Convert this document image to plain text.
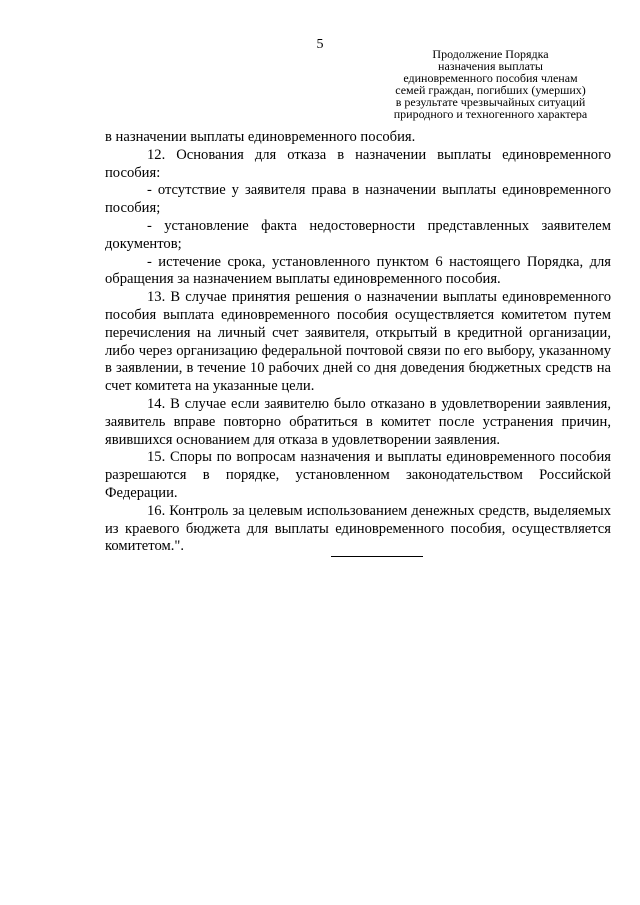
5
Продолжение Порядка
назначения выплаты
единовременного пособия членам
семей граждан, погибших (умерших)
в результате чрезвычайных ситуаций
природного и техногенного характера

в назначении выплаты единовременного пособия.

12. Основания для отказа в назначении выплаты единовременного пособия:

- отсутствие у заявителя права в назначении выплаты единовременного пособия;

- установление факта недостоверности представленных заявителем документов;

- истечение срока, установленного пунктом 6 настоящего Порядка, для обращения за назначением выплаты единовременного пособия.

13. В случае принятия решения о назначении выплаты единовременного пособия выплата единовременного пособия осуществляется комитетом путем перечисления на личный счет заявителя, открытый в кредитной организации, либо через организацию федеральной почтовой связи по его выбору, указанному в заявлении, в течение 10 рабочих дней со дня доведения бюджетных средств на счет комитета на указанные цели.

14. В случае если заявителю было отказано в удовлетворении заявления, заявитель вправе повторно обратиться в комитет после устранения причин, явившихся основанием для отказа в удовлетворении заявления.

15. Споры по вопросам назначения и выплаты единовременного пособия разрешаются в порядке, установленном законодательством Российской Федерации.

16. Контроль за целевым использованием денежных средств, выделяемых из краевого бюджета для выплаты единовременного пособия, осуществляется комитетом.".
